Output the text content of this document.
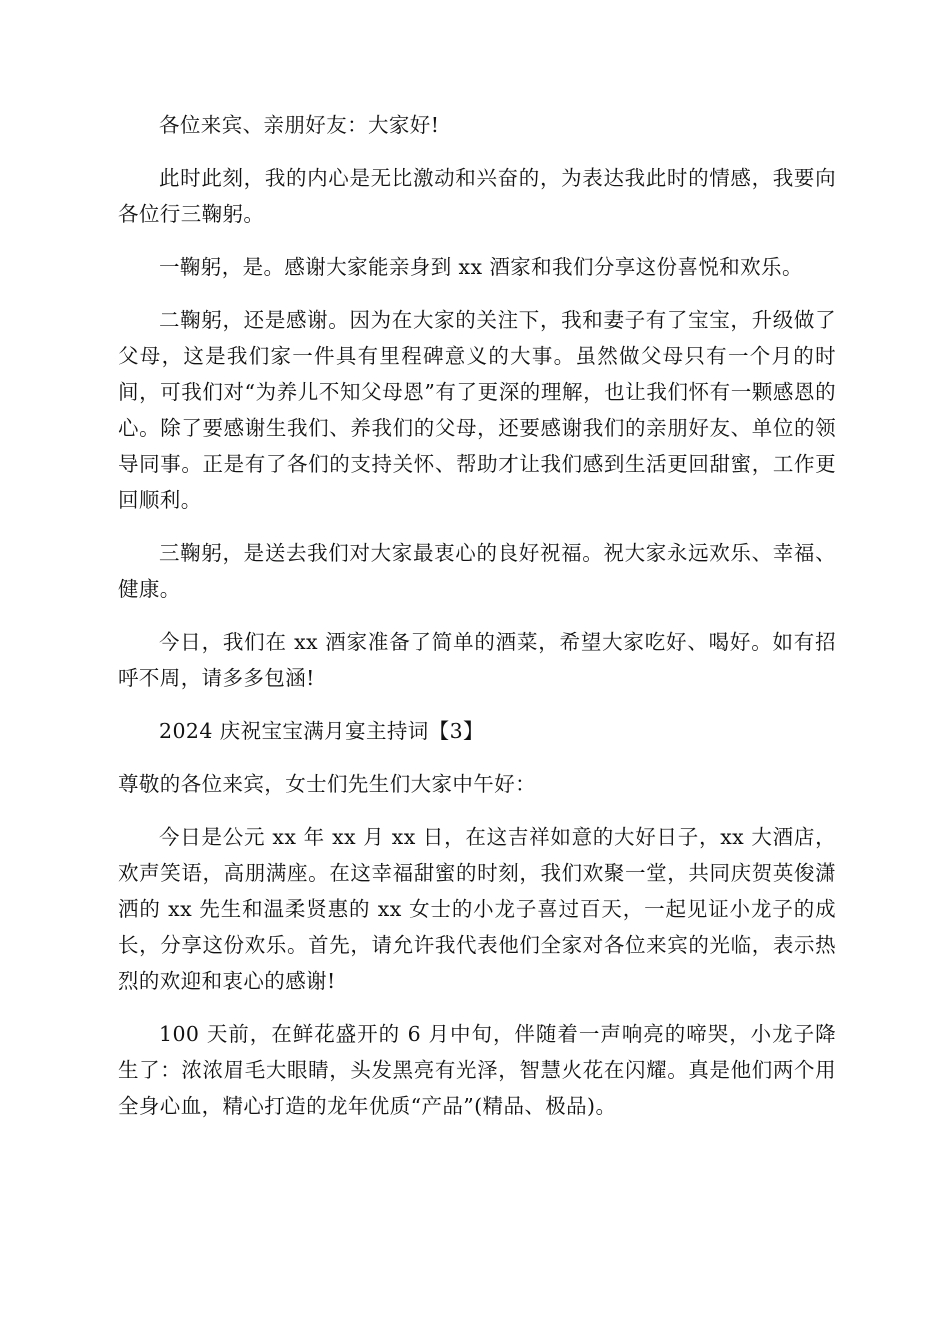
各位来宾、亲朋好友：大家好!

此时此刻，我的内心是无比激动和兴奋的，为表达我此时的情感，我要向各位行三鞠躬。

一鞠躬，是。感谢大家能亲身到 xx 酒家和我们分享这份喜悦和欢乐。

二鞠躬，还是感谢。因为在大家的关注下，我和妻子有了宝宝，升级做了父母，这是我们家一件具有里程碑意义的大事。虽然做父母只有一个月的时间，可我们对“为养儿不知父母恩”有了更深的理解，也让我们怀有一颗感恩的心。除了要感谢生我们、养我们的父母，还要感谢我们的亲朋好友、单位的领导同事。正是有了各们的支持关怀、帮助才让我们感到生活更回甜蜜，工作更回顺利。

三鞠躬，是送去我们对大家最衷心的良好祝福。祝大家永远欢乐、幸福、健康。

今日，我们在 xx 酒家准备了简单的酒菜，希望大家吃好、喝好。如有招呼不周，请多多包涵!

2024 庆祝宝宝满月宴主持词【3】

尊敬的各位来宾，女士们先生们大家中午好：

今日是公元 xx 年 xx 月 xx 日，在这吉祥如意的大好日子，xx 大酒店，欢声笑语，高朋满座。在这幸福甜蜜的时刻，我们欢聚一堂，共同庆贺英俊潇洒的 xx 先生和温柔贤惠的 xx 女士的小龙子喜过百天，一起见证小龙子的成长，分享这份欢乐。首先，请允许我代表他们全家对各位来宾的光临，表示热烈的欢迎和衷心的感谢!

100 天前，在鲜花盛开的 6 月中旬，伴随着一声响亮的啼哭，小龙子降生了：浓浓眉毛大眼睛，头发黑亮有光泽，智慧火花在闪耀。真是他们两个用全身心血，精心打造的龙年优质“产品”(精品、极品)。
